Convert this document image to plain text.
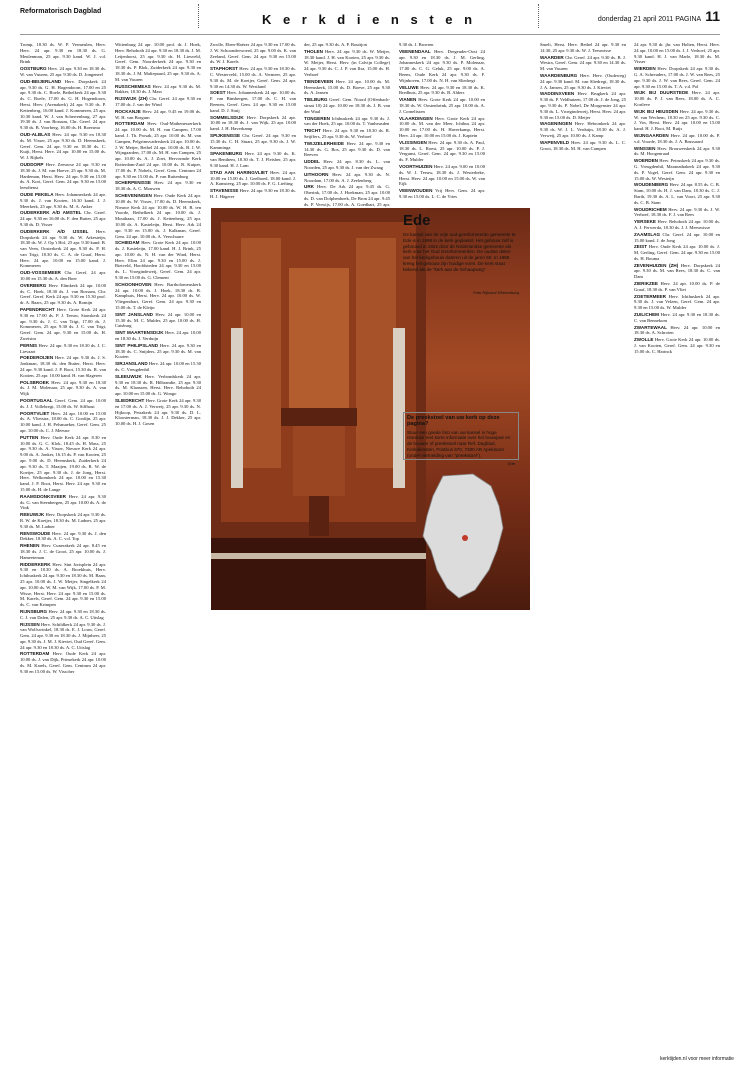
Reformatorisch Dagblad
K e r k d i e n s t e n	donderdag 21 april 2011 PAGINA 11
Tromp, 18.30 ds. W. P. Vermeulen, Herv. Herv. 24 apr. 9.30 en 18.30 ds. G. Meulenman, 25 apr. 9.30 kand. W. J. v.d. Brink
OOSTBURG Herv. 24 apr. 9.30 en 18.30 ds. W. van Vuuren, 25 apr. 9.30 ds. D. Jongeneel
OUD-BEIJERLAND Herv. Dorpskerk 24 apr. 9.30 ds. G. H. Hogendoorn, 17.00 en 25 apr. 9.30 ds. C. Boele, Bethelkerk 24 apr. 9.30 ds. C. Boele, 17.00 ds. G. H. Hogendoorn, Herst. Herv. (Arenakerk) 24 apr. 9.30 ds. P. Kettenberg, 16.00 kand. J. Kommeren, 25 apr. 10.30 kand. W. J. van Scherrenburg, 27 apr. 19.30 ds. J. van Bossum, Chr. Geref. 24 apr. 9.30 ds. B. Voorberg, 16.00 ds. H. Boersma
OUD-ALBLAS Herv. 24 apr. 9.30 en 18.30 ds. M. Visser, 25 apr. 9.30 ds. D. Heemskerk, Geref. Gem. 24 apr. 9.30 en 18.30 ds. C. Kuijt, Herst. Herv. 24 apr. 10.00 en 15.00 ds. W. J. Rijkels
OUDDORP Herv. Zeeuwse 24 apr. 9.30 en 18.30 ds. J. M. van Hoeve, 25 apr. 9.30 ds. M. Hardeman, Herst. Herv. 24 apr. 9.30 en 15.00 ds. A. Kort, Geref. Gem. 24 apr. 9.30 en 15.00 leesdienst
OUDE PEKELA Herv. Johanneskerk 24 apr. 9.30 ds. J. van Kooten, 16.30 kand. J. J. Meerkerk, 25 apr. 9.30 ds. M. A. Anker
OUDERKERK A/D AMSTEL Chr. Geref. 24 apr. 9.30 en 16.00 ds. F. den Butter, 25 apr. 9.30 ds. D. Visser
OUDERKERK A/D IJSSEL Herv. Dorpskerk 24 apr. 9.30 ds. W. Arkesteijn, 18.30 ds. W. J. Op 't Hof, 25 apr. 9.30 kand. B. van Veen, Oosterkerk 24 apr. 9.30 ds. P. H. van Trigt, 18.30 ds. C. A. de Graaf, Herst. Herv. 24 apr. 10.00 en 15.00 kand. J. Kommeren
OUD-VOSSEMEER Chr. Geref. 24 apr. 10.00 en 15.30 ds. A. den Boer
OVERBERG Herv. Elimkerk 24 apr. 10.00 ds. C. Hoek, 18.30 ds. J. van Rossum, Chr. Geref. Geref. Kerk 24 apr. 9.30 en 15.30 prof. dr. A. Baars, 25 apr. 9.30 ds. A. Romijn
PAPENDRECHT Herv. Grote Kerk 24 apr. 9.30 en 17.00 ds. P. J. Teeuw, Sionskerk 24 apr. 9.30 ds. J. C. van Trigt, 17.00 ds. J. Kommeren, 25 apr. 9.30 ds. J. C. van Trigt, Geref. Gem. 24 apr. 9.30 en 15.00 ds. H. Zweistra
PERNIS Herv. 24 apr. 9.30 en 18.30 ds. J. C. Lievaart
POEDEROIJEN Herv. 24 apr. 9.30 ds. J. S. Jonkman, 18.30 ds. den Butter, Herst. Herv. 24 apr. 9.30 kand. J. P. Boot, 15.30 ds. R. van Kooten, 25 apr. 10.00 kand. H. van Slageren
POLSBROEK Herv. 24 apr. 9.30 en 18.30 ds. J. M. Molenaar, 25 apr. 9.30 ds. A. van Wijk
POORTUGAAL Geref. Gem. 24 apr. 10.00 ds. J. J. Vollebregt, 15.00 ds. W. Silfhout
POORTVLIET Herv. 24 apr. 10.00 en 15.00 ds. A. Vlietstra, 18.00 ds. C. Gordijn, 25 apr. 10.00 kand. J. H. Pelsmaeker, Geref. Gem. 25 apr. 10.00 ds. C. J. Meeuse
PUTTEN Herv. Oude Kerk 24 apr. 8.30 en 10.00 ds. G. C. Klok, 18.45 ds. H. Mass, 25 apr. 9.30 ds. A. Visser, Nieuwe Kerk 24 apr. 9.00 ds. A. Jonker, 16.15 ds. P. van Kooten, 25 apr. 9.00 ds. D. Heemskerk, Zuiderkerk 24 apr. 9.30 ds. T. Maaijen, 19.00 ds. R. W. de Koeijer, 25 apr. 9.30 ds. J. de Jong, Herst. Herv. Welkomkerk 24 apr. 10.00 en 15.30 kand. J. P. Boot, Herst. Herv. 24 apr. 9.30 en 15.00 ds. H. de Lange
RAAMSDONKSVEER Herv. 24 apr. 9.30 ds. G. van Steenbergen, 25 apr. 10.00 ds. A. de Vink
REEUWIJK Herv. Dorpskerk 24 apr. 9.30 ds. R. W. de Koeijer, 18.30 ds. M. Ladner, 25 apr. 9.30 ds. M. Ladner
RENSWOUDE Herv. 24 apr. 9.30 ds. J. den Dekker, 18.30 ds. A. C. v.d. Top
RHENEN Herv. Cunerakerk 24 apr. 8.45 en 18.30 ds. J. C. de Groot, 25 apr. 10.00 ds. J. Hameeteman
RIDDERKERK Herv. Sint Jorisplein 24 apr. 9.30 en 18.30 ds. A. Broekhuis, Herv. Ichthuskerk 24 apr. 9.30 en 18.30 ds. M. Baan, 25 apr. 10.00 ds. J. W. Meijer, Singelkerk 24 apr. 10.00 ds. W. M. van Wijk, 17.00 ds. P. M. Wisse, Herst. Herv. 24 apr. 9.30 en 15.00 ds. M. Karels, Geref. Gem. 24 apr. 9.30 en 15.00 ds. C. van Krimpen
RIJNSBURG Herv. 24 apr. 9.30 en 18.30 ds. C. J. van Dalen, 25 apr. 9.30 ds. A. C. Uitslag
RIJSSEN Herv. Schildkerk 24 apr. 9.30 ds. J. van Wolfswinkel, 18.30 ds. E. J. Louw, Geref. Gem. 24 apr. 9.30 en 18.30 ds. J. Mijnheer, 25 apr. 9.30 ds. J. M. J. Kieviet, Oud Geref. Gem. 24 apr. 9.30 en 18.30 ds. A. C. Uitslag
ROTTERDAM Herv. Oude Kerk 24 apr. 10.00 ds. J. van Dijk, Prinsekerk 24 apr. 10.00 ds. M. Karels, Geref. Gem. Centrum 24 apr. 9.30 en 15.00 ds. W. Visscher
Wittenburg 24 apr. 10.00 prof. dr. J. Hoek, Herv. Rehoboth 24 apr. 9.30 en 18.30 ds. J. M. Leijenhorst, 25 apr. 9.30 ds. H. Liesveld, Geref. Gem. Noorderkerk 24 apr. 9.30 en 18.30 ds. P. Blok, Zuiderkerk 24 apr. 9.30 en 18.30 ds. J. M. Maliepaard, 25 apr. 9.30 ds. A. M. van Vuuren
RUSSCHEMEAS Herv. 24 apr. 9.30 ds. M. Bakker, 18.30 ds. J. Mass
RIJSWIJK (ZH) Chr. Geref. 24 apr. 9.30 en 17.00 ds. J. van der Wind
ROCKANJE Herv. 24 apr. 9.45 en 19.00 ds. W. H. van Borgum
ROTTERDAM Herv. Oud-Mathenesserkerk 24 apr. 10.00 ds. M. H. van Campen, 17.00 kand. J. Th. Prosak, 25 apr. 10.00 ds. M. van Campen, Pelgrimsvaderskerk 24 apr. 10.00 ds. J. W. Meijer, Bethel 24 apr. 10.00 ds. B. J. W. Wijngaarden, 17.00 ds. M. H. van Campen, 25 apr. 10.00 ds. A. J. Zoet, Hervormde Kerk Rotterdam-Zuid 24 apr. 10.00 ds. R. Kuiper, 17.00 ds. P. Nobels, Geref. Gem. Centrum 24 apr. 9.30 en 15.00 ds. P. van Ruitenburg
SCHERPENISSE Herv. 24 apr. 9.30 en 18.30 ds. A. C. Mouwen
SCHEVENINGEN Herv. Oude Kerk 24 apr. 10.00 ds. W. Visser, 17.00 ds. D. Heemskerk, Nieuwe Kerk 24 apr. 10.00 ds. W. H. B. ten Voorde, Bethelkerk 24 apr. 10.00 ds. J. Mouthaan, 17.00 ds. J. Kettenberg, 25 apr. 10.00 ds. A. Kasteleijn, Herst. Herv. Ark 24 apr. 9.30 en 15.00 ds. J. Kalkman, Geref. Gem. 24 apr. 10.00 ds. A. Verschuure
SCHIEDAM Herv. Grote Kerk 24 apr. 10.00 ds. J. Kasteleijn, 17.00 kand. H. J. Brink, 25 apr. 10.00 ds. N. H. van der Wind, Herst. Herv. Elim 24 apr. 9.30 en 15.00 ds. J. Rietveld, Hoofdsteden 24 apr. 9.30 en 15.00 ds. L. Vroegindeweij, Geref. Gem. 24 apr. 9.30 en 15.00 ds. G. Clement
SCHOONHOVEN Herv. Bartholomeuskerk 24 apr. 10.00 ds. J. Hoek, 18.30 ds. B. Kamphuis, Herst. Herv. 24 apr. 10.00 ds. W. Vliegenthart, Geref. Gem. 24 apr. 9.30 en 15.00 ds. T. de Kleijn
SINT JANSLAND Herv. 24 apr. 10.00 en 15.30 ds. M. C. Mulder, 25 apr. 10.00 ds. H. Catsburg
SINT MAARTENSDIJK Herv. 24 apr. 10.00 en 18.30 ds. J. Verduijn
SINT PHILIPSLAND Herv. 24 apr. 9.30 en 18.30 ds. C. Snijders, 25 apr. 9.30 ds. M. van Kooten
SIRJANSLAND Herv. 24 apr. 10.00 en 15.30 ds. C. Vreugdenhil
SLEEUWIJK Herv. Verbondskerk 24 apr. 9.30 en 18.30 ds. R. Hilbrandie, 25 apr. 9.30 ds. M. Klaassen, Herst. Herv. Rehoboth 24 apr. 10.00 en 15.00 ds. G. Wongo
SLIEDRECHT Herv. Grote Kerk 24 apr. 9.30 en 17.00 ds. A. J. Verweij, 25 apr. 9.30 ds. N. Hijkoop, Petrakerk 24 apr. 9.30 ds. D. L. Kloosterman, 18.30 ds. J. J. Dekker, 25 apr. 10.00 ds. H. J. Gosen
Zwolle, Eben-Haëzer 24 apr. 9.30 en 17.00 ds. J. W. Schoonderwoerd, 25 apr. 9.00 ds. K. van Zeeland, Geref. Gem. 24 apr. 9.30 en 15.00 ds. W. J. Karels
STAPHORST Herv. 24 apr. 9.30 en 18.30 ds. C. Westerveld, 15.00 ds. A. Vermeer, 25 apr. 9.30 ds. M. de Koeijer, Geref. Gem. 24 apr. 9.30 en 14.30 ds. W. Westland
SOEST Herv. Johanneskerk 24 apr. 10.00 ds. F. van Binsbergen, 17.00 ds. C. H. van Reenen, Geref. Gem. 24 apr. 9.30 en 15.00 kand. D. J. Stuij
SOMMELSDIJK Herv. Dorpskerk 24 apr. 10.00 en 18.30 ds. J. van Wijk, 25 apr. 10.00 kand. J. H. Haverkamp
SPIJKENISSE Chr. Geref. 24 apr. 9.30 en 15.30 ds. C. H. Stuart, 25 apr. 9.30 ds. J. W. Kamminga
SPAKENBURG Herv. 24 apr. 9.30 ds. K. van Benthem, 18.30 ds. T. J. Fleisher, 25 apr. 9.30 kand. H. J. Lam
STAD AAN HARINGVLIET Herv. 24 apr. 10.00 en 15.00 ds. J. Geelhoed, 18.00 kand. J. A. Kamsteeg, 25 apr. 10.00 ds. F. G. Liefting
STAVENISSE Herv. 24 apr. 9.30 en 18.30 ds. H. J. Hägerer
der, 25 apr. 9.30 ds. A. P. Boutijon
THOLEN Herv. 24 apr. 9.30 ds. W. Meijer, 18.30 kand. J. H. van Kooten, 25 apr. 9.30 ds. W. Meijer, Herst. Herv. (in Calvijn College) 24 apr. 9.30 ds. C. J. P. van Ilsa, 15.00 ds. H. Verhoef
TIENDEVEEN Herv. 24 apr. 10.00 ds. M. Heemskerk, 15.00 ds. D. Boeve, 25 apr. 9.30 ds. A. Jansen
TIELBURG Geref. Gem. Noord (Offenbach-straat 10) 24 apr. 10.00 en 18.30 ds. J. B. van der Waal
TONGEREN Ichthuskerk 24 apr. 9.30 ds. J. van der Hoek, 25 apr. 10.00 ds. T. Vanheusden
TRICHT Herv. 24 apr. 9.30 en 18.30 ds. R. Seijffers, 25 apr. 9.30 ds. W. Verhoef
TWIJZELERHEIDE Herv. 24 apr. 9.30 en 14.30 ds. G. Bos, 25 apr. 9.30 ds. D. van Reeven
UDDEL Herv. 24 apr. 8.30 ds. L. van Noorden, 25 apr. 9.30 ds. J. van der Zwaag
UITHOORN Herv. 24 apr. 9.30 ds. N. Noordam, 17.00 ds. A. J. Zeelenberg
URK Herv. De Ark 24 apr. 9.45 ds. G. Oberink, 17.00 ds. J. Hoekman, 25 apr. 10.00 ds. D. van Dolphenhoek, De Bron 24 apr. 9.45 ds. P. Verwijs, 17.00 ds. A. Goedhart, 25 apr.
9.30 ds. J. Broeren
VEENENDAAL Herv. Dregeuder-Oost 24 apr. 9.30 en 18.30 ds. J. M. Gerling, Johanneskerk 24 apr. 9.30 ds. P. Molenaar, 17.00 ds. C. G. Geluk, 25 apr. 9.00 ds. A. Beens, Oude Kerk 24 apr. 9.30 ds. F. Wijnhoven, 17.00 ds. N. H. van Sliedregt
VELUWE Herv. 24 apr. 9.30 en 18.30 ds. K. Bredhuis, 25 apr. 9.30 ds. B. Alders
VIANEN Herv. Grote Kerk 24 apr. 10.00 en 18.30 ds. W. Oostenbrink, 25 apr. 10.00 ds. A. J. Cornelissen
VLAARDINGEN Herv. Grote Kerk 24 apr. 10.00 ds. M. van der Meer, Ichthus 24 apr. 10.00 en 17.00 ds. H. Haverkamp, Herst. Herv. 24 apr. 10.00 en 15.00 ds. J. Kaptein
VLISSINGEN Herv. 24 apr. 9.30 ds. A. Paul, 18.30 ds. L. Roest, 25 apr. 10.00 ds. P. J. Vergunst, Geref. Gem. 24 apr. 9.30 en 15.00 ds. F. Mulder
VOORTHUIZEN Herv. 24 apr. 9.00 en 10.00 ds. W. J. Teeuw, 18.30 ds. J. Westerbeke, Herst. Herv. 24 apr. 10.00 en 15.00 ds. W. van Eijk
VEENWOUDEN Vrij Herv. Gem. 24 apr. 9.30 en 15.00 ds. L. C. de Vries
Smelt, Herst. Herv. Bethel 24 apr. 9.30 en 14.30, 25 apr. 9.30 ds. W. J. Teeuwisse
WAARDER Chr. Geref. 24 apr. 9.30 ds. B. J. Westra, Geref. Gem. 24 apr. 9.30 en 14.30 ds. M. van Vuuren
WAARDENBURG Herv. Herv. (Oudeweg) 24 apr. 9.30 kand. M. van Sliedregt, 18.30 ds. J. A. Jansen, 25 apr. 9.30 ds. J. Kieviet
WADDINXVEEN Herv. Brugkerk 24 apr. 9.30 ds. P. Veldhuizen, 17.00 ds. J. de Jong, 25 apr. 9.30 ds. P. Nobel, De Morgenster 24 apr. 9.30 ds. L. Vroegindeweij, Herst. Herv. 24 apr. 9.30 en 15.00 ds. D. Meijer
WAGENINGEN Herv. Hebronkerk 24 apr. 9.30 ds. W. J. L. Verduijn, 18.30 ds. A. J. Verweij, 25 apr. 10.00 ds. J. Kamp
WAPENVELD Herv. 24 apr. 9.30 ds. L. C. Groot, 18.30 ds. M. H. van Campen
24 apr. 9.30 dr. jhr. van Holten, Herst. Herv. 24 apr. 10.00 en 15.00 ds. J. J. Verhoef, 25 apr. 9.30 kand. H. J. van Marle, 18.30 ds. M. Visser
WIERDEN Herv. Dorpskerk 24 apr. 9.30 ds. G. A. Schreuders, 17.00 ds. J. W. van Rees, 25 apr. 9.30 ds. J. W. van Rees, Geref. Gem. 24 apr. 9.30 en 15.00 ds. T. A. v.d. Pol
WIJK BIJ DUURSTEDE Herv. 24 apr. 10.00 ds. P. J. van Rees, 18.00 ds. A. C. Kortleve
WIJK BIJ HEUSDEN Herv. 24 apr. 9.30 ds. W. van Wechem, 18.30 en 25 apr. 9.30 ds. C. J. Vos, Herst. Herv. 24 apr. 10.00 en 15.00 kand. H. J. Boot, M. Ruijs
WIJNGAARDEN Herv. 24 apr. 10.00 ds. P. v.d. Voorde, 18.30 ds. J. A. Brussaard
WINSSEN Herv. Brouwerskerk 24 apr. 9.30 ds. M. Hoogenraad
WOERDEN Herv. Petruskerk 24 apr. 9.30 ds. G. Vreugdenhil, Maranathakerk 24 apr. 9.30 ds. P. Vogel, Geref. Gem. 24 apr. 9.30 en 15.00 ds. W. Westeijn
WOUDENBERG Herv. 24 apr. 8.55 ds. C. B. Stam, 10.00 ds. H. J. van Dam, 18.30 ds. C. J. Barth, 19.30 ds. A. L. van Voort, 25 apr. 9.30 ds. C. B. Stam
WOUDRICHEM Herv. 24 apr. 9.30 ds. J. W. Verhoef, 18.30 ds. F. J. van Rees
YERSEKE Herv. Rehoboth 24 apr. 10.00 ds. A. J. Ferwerda, 18.30 ds. J. J. Meeuwisse
ZAAMSLAG Chr. Geref. 24 apr. 10.00 en 15.00 kand. J. de Jong
ZEIST Herv. Oude Kerk 24 apr. 10.00 ds. J. M. Gerling, Geref. Gem. 24 apr. 9.30 en 15.00 ds. H. Bouma
ZEVENHUIZEN (ZH) Herv. Dorpskerk 24 apr. 9.30 ds. M. van Rees, 18.30 ds. C. van Dam
ZIERIKZEE Herv. 24 apr. 10.00 ds. P. de Graaf, 18.30 ds. P. van Vliet
ZOETERMEER Herv. Ichthuskerk 24 apr. 9.30 ds. J. van Velzen, Geref. Gem. 24 apr. 9.30 en 15.00 ds. W. Mulder
ZUILICHEM Herv. 24 apr. 9.30 en 18.30 ds. C. van Bennekom
ZWARTEWAAL Herv. 24 apr. 10.00 en 18.30 ds. A. Schroten
ZWOLLE Herv. Grote Kerk 24 apr. 10.00 ds. J. van Kooten, Geref. Gem. 24 apr. 9.30 en 15.00 ds. C. Harinck
Ede
De kansel van de vrije oud-gereformeerde gemeente te Ede is in 1999 in de kerk geplaatst. Het gebouw zelf is gebouwd in 1922 door de Nederlandse gemeente als kerk voor het Oud Gereformeerden. De oudste delen van het kerkgebouw dateren uit de jaren 50. In 1988 kreeg het gebouw zijn huidige vorm. De kerk staat bekend als de "kerk aan de Schaapweg".
Foto Rijkshof Ellenenburg
De preekstoel van uw kerk op deze pagina?
Stuur een goede foto van uw kansel in hoge resolutie met korte informatie over het bouwjaar en de bouwer of preekstoel naar Ref. Dagblad, Kerkdiensten, Postbus 670, 7300 AR Apeldoorn (onder vermelding van "preekstoel").
Ede
kerktijden.nl voor meer informatie
